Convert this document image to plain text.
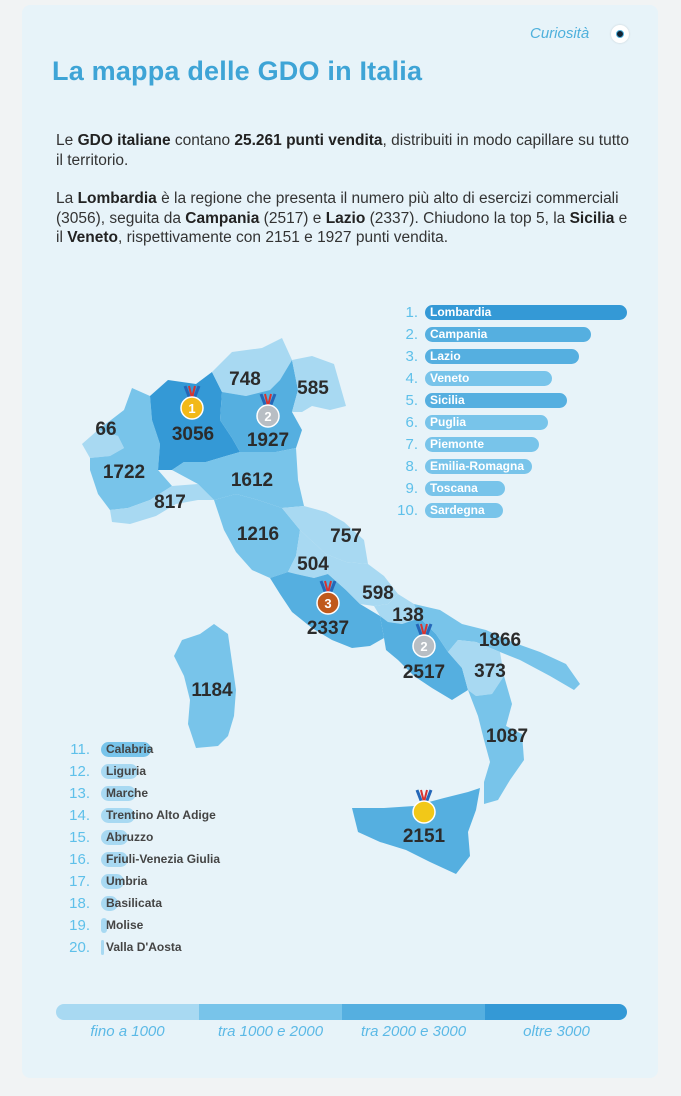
Curiosità
La mappa delle GDO in Italia
Le GDO italiane contano 25.261 punti vendita, distribuiti in modo capillare su tutto il territorio.
La Lombardia è la regione che presenta il numero più alto di esercizi commerciali (3056), seguita da Campania (2517) e Lazio (2337). Chiudono la top 5, la Sicilia e il Veneto, rispettivamente con 2151 e 1927 punti vendita.
1
2
3
2
3056
2517
2337
2151
1927
1866
1722	1612
1216
1184
1087
817
757
748
598
585
504
373
138
66
1. Lombardia
2. Campania
3. Lazio
4. Veneto
5. Sicilia
6. Puglia
7. Piemonte
8. Emilia-Romagna
9. Toscana
10. Sardegna
11. Calabria
12. Liguria
13. Marche
14. Trentino Alto Adige
15. Abruzzo
16. Friuli-Venezia Giulia
17. Umbria
18. Basilicata
19. Molise
20. Valla D'Aosta
fino a 1000	tra 1000 e 2000	tra 2000 e 3000	oltre 3000
